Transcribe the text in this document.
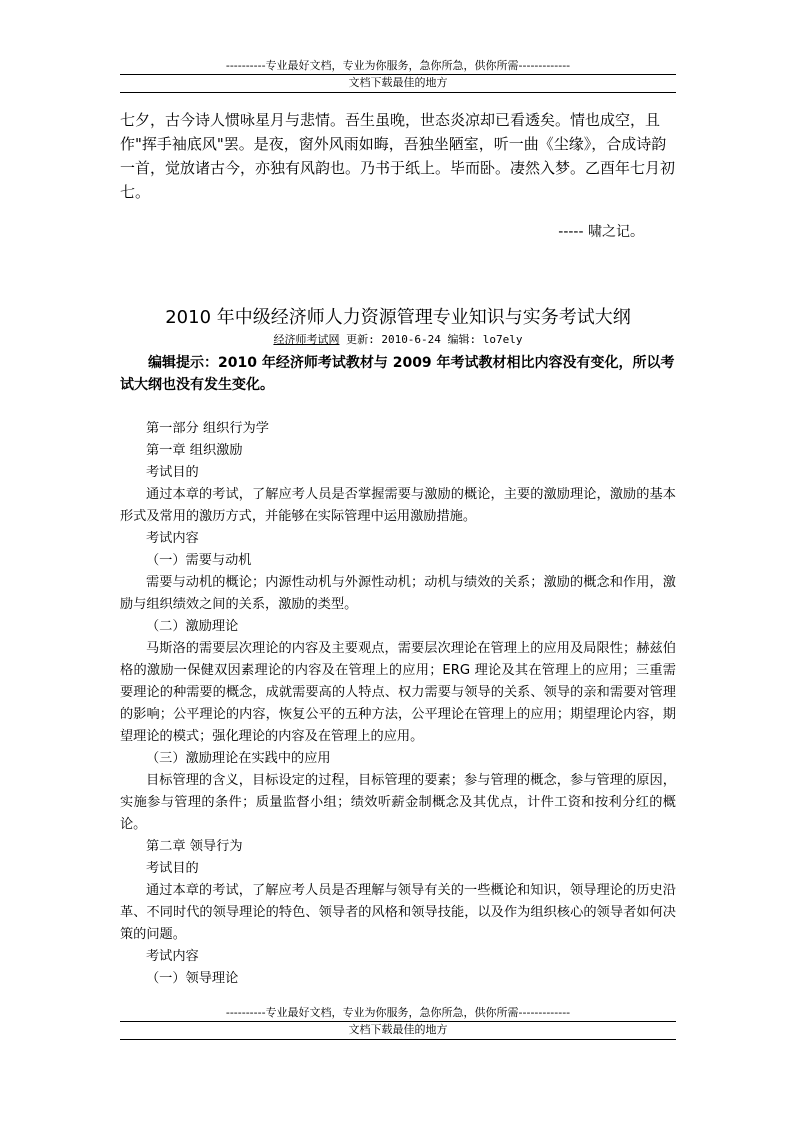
----------专业最好文档，专业为你服务，急你所急，供你所需-------------
文档下载最佳的地方

七夕，古今诗人惯咏星月与悲情。吾生虽晚，世态炎凉却已看透矣。情也成空，且作"挥手袖底风"罢。是夜，窗外风雨如晦，吾独坐陋室，听一曲《尘缘》，合成诗韵一首，觉放诸古今，亦独有风韵也。乃书于纸上。毕而卧。凄然入梦。乙酉年七月初七。

----- 啸之记。
2010 年中级经济师人力资源管理专业知识与实务考试大纲
经济师考试网 更新: 2010-6-24 编辑: lo7ely

编辑提示：2010 年经济师考试教材与 2009 年考试教材相比内容没有变化，所以考试大纲也没有发生变化。

第一部分 组织行为学

第一章 组织激励

考试目的

通过本章的考试，了解应考人员是否掌握需要与激励的概论，主要的激励理论，激励的基本形式及常用的激历方式，并能够在实际管理中运用激励措施。

考试内容

（一）需要与动机

需要与动机的概论；内源性动机与外源性动机；动机与绩效的关系；激励的概念和作用，激励与组织绩效之间的关系，激励的类型。

（二）激励理论

马斯洛的需要层次理论的内容及主要观点，需要层次理论在管理上的应用及局限性；赫兹伯格的激励一保健双因素理论的内容及在管理上的应用；ERG 理论及其在管理上的应用；三重需要理论的种需要的概念，成就需要高的人特点、权力需要与领导的关系、领导的亲和需要对管理的影响；公平理论的内容，恢复公平的五种方法，公平理论在管理上的应用；期望理论内容，期望理论的模式；强化理论的内容及在管理上的应用。

（三）激励理论在实践中的应用

目标管理的含义，目标设定的过程，目标管理的要素；参与管理的概念，参与管理的原因，实施参与管理的条件；质量监督小组；绩效听薪金制概念及其优点，计件工资和按利分红的概论。

第二章 领导行为

考试目的

通过本章的考试，了解应考人员是否理解与领导有关的一些概论和知识，领导理论的历史沿革、不同时代的领导理论的特色、领导者的风格和领导技能，以及作为组织核心的领导者如何决策的问题。

考试内容

（一）领导理论

----------专业最好文档，专业为你服务，急你所急，供你所需-------------
文档下载最佳的地方
